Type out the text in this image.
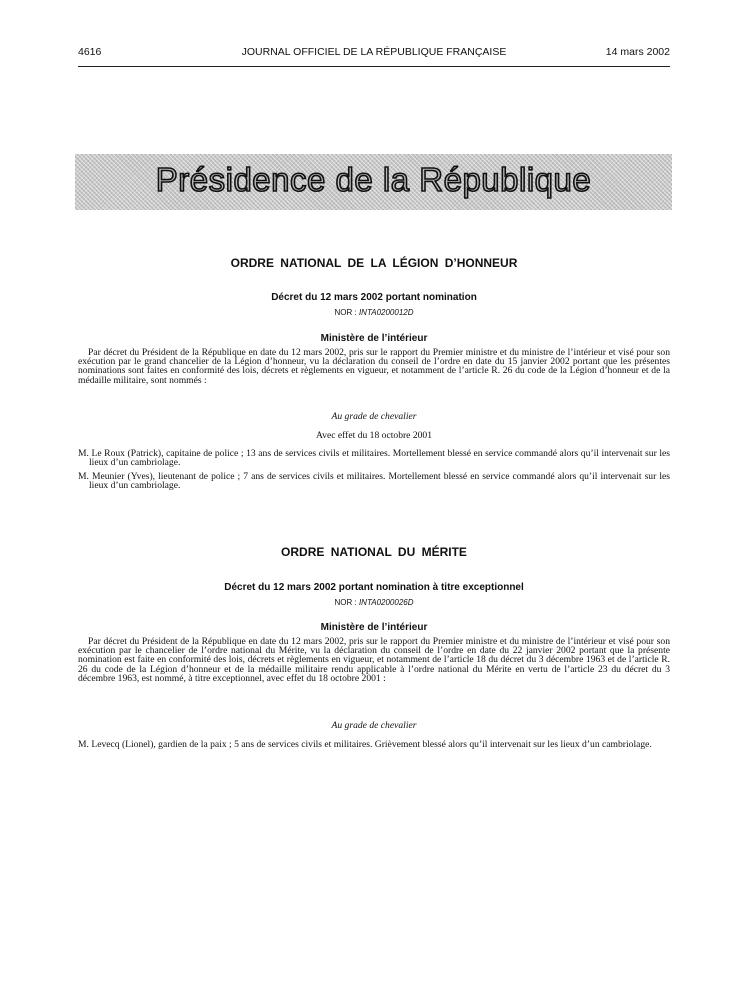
4616	JOURNAL OFFICIEL DE LA RÉPUBLIQUE FRANÇAISE	14 mars 2002
Présidence de la République
ORDRE NATIONAL DE LA LÉGION D’HONNEUR
Décret du 12 mars 2002 portant nomination
NOR : INTA0200012D
Ministère de l’intérieur

Par décret du Président de la République en date du 12 mars 2002, pris sur le rapport du Premier ministre et du ministre de l’intérieur et visé pour son exécution par le grand chancelier de la Légion d’honneur, vu la déclaration du conseil de l’ordre en date du 15 janvier 2002 portant que les présentes nominations sont faites en conformité des lois, décrets et règlements en vigueur, et notamment de l’article R. 26 du code de la Légion d’honneur et de la médaille militaire, sont nommés :

Au grade de chevalier
Avec effet du 18 octobre 2001

M. Le Roux (Patrick), capitaine de police ; 13 ans de services civils et militaires. Mortellement blessé en service commandé alors qu’il intervenait sur les lieux d’un cambriolage.

M. Meunier (Yves), lieutenant de police ; 7 ans de services civils et militaires. Mortellement blessé en service commandé alors qu’il intervenait sur les lieux d’un cambriolage.

ORDRE NATIONAL DU MÉRITE
Décret du 12 mars 2002 portant nomination à titre exceptionnel
NOR : INTA0200026D
Ministère de l’intérieur

Par décret du Président de la République en date du 12 mars 2002, pris sur le rapport du Premier ministre et du ministre de l’intérieur et visé pour son exécution par le chancelier de l’ordre national du Mérite, vu la déclaration du conseil de l’ordre en date du 22 janvier 2002 portant que la présente nomination est faite en conformité des lois, décrets et règlements en vigueur, et notamment de l’article 18 du décret du 3 décembre 1963 et de l’article R. 26 du code de la Légion d’honneur et de la médaille militaire rendu applicable à l’ordre national du Mérite en vertu de l’article 23 du décret du 3 décembre 1963, est nommé, à titre exceptionnel, avec effet du 18 octobre 2001 :

Au grade de chevalier

M. Levecq (Lionel), gardien de la paix ; 5 ans de services civils et militaires. Grièvement blessé alors qu’il intervenait sur les lieux d’un cambriolage.
